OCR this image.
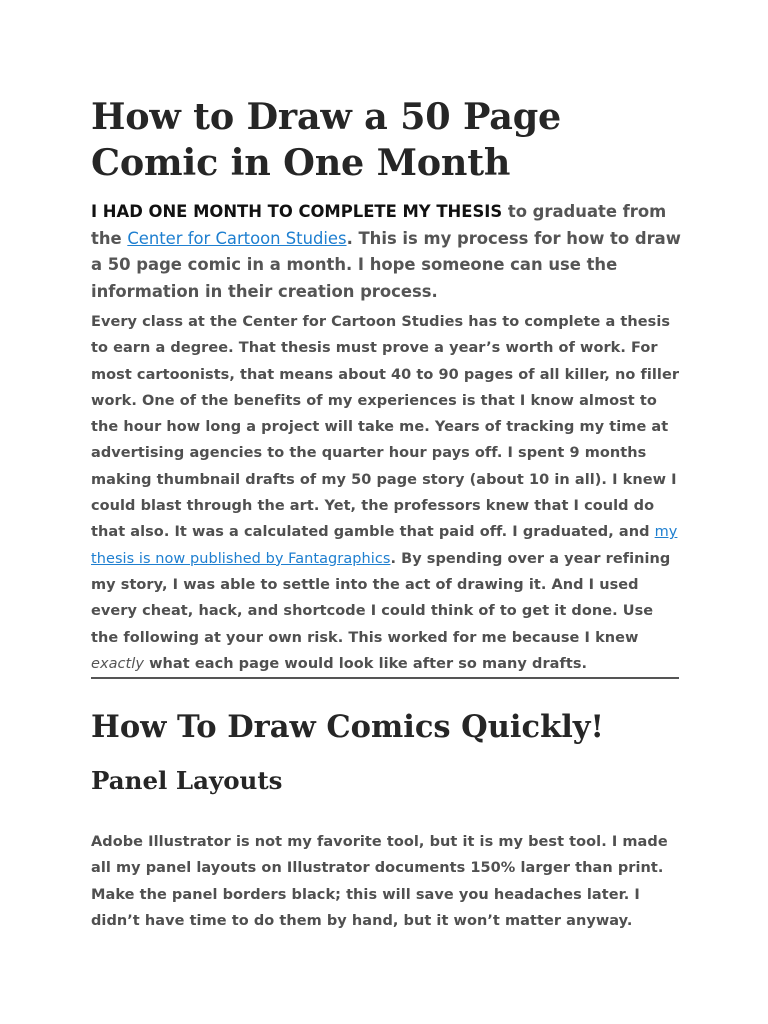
How to Draw a 50 Page Comic in One Month

I HAD ONE MONTH TO COMPLETE MY THESIS to graduate from the Center for Cartoon Studies. This is my process for how to draw a 50 page comic in a month. I hope someone can use the information in their creation process.

Every class at the Center for Cartoon Studies has to complete a thesis to earn a degree. That thesis must prove a year’s worth of work. For most cartoonists, that means about 40 to 90 pages of all killer, no filler work. One of the benefits of my experiences is that I know almost to the hour how long a project will take me. Years of tracking my time at advertising agencies to the quarter hour pays off. I spent 9 months making thumbnail drafts of my 50 page story (about 10 in all). I knew I could blast through the art. Yet, the professors knew that I could do that also. It was a calculated gamble that paid off. I graduated, and my thesis is now published by Fantagraphics. By spending over a year refining my story, I was able to settle into the act of drawing it. And I used every cheat, hack, and shortcode I could think of to get it done. Use the following at your own risk. This worked for me because I knew exactly what each page would look like after so many drafts.

How To Draw Comics Quickly!
Panel Layouts

Adobe Illustrator is not my favorite tool, but it is my best tool. I made all my panel layouts on Illustrator documents 150% larger than print. Make the panel borders black; this will save you headaches later. I didn’t have time to do them by hand, but it won’t matter anyway.
